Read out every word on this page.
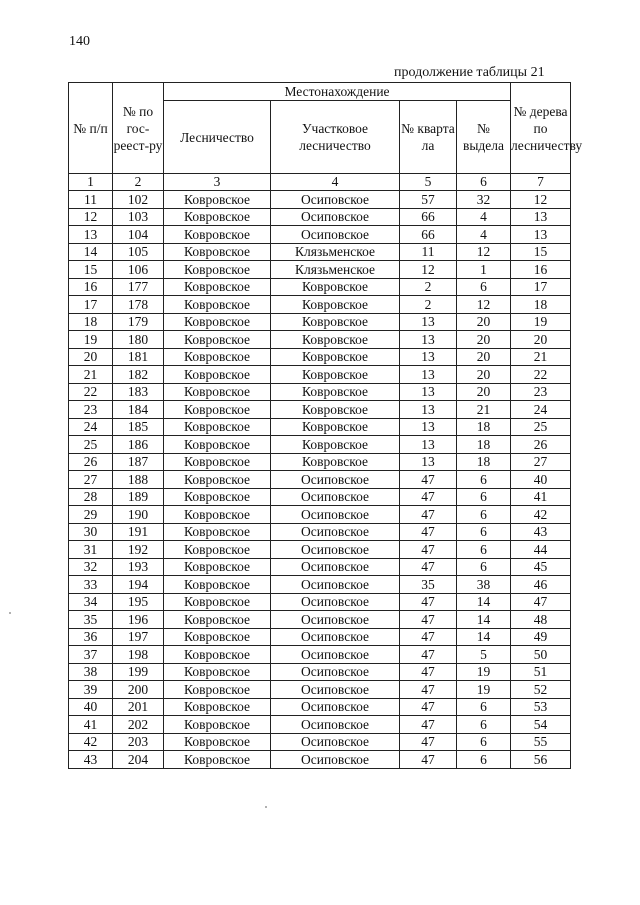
140
продолжение таблицы 21
№ п/п	№ по гос-реест-ру	Местонахождение				№ дерева по лесничеству
		Лесничество	Участковое лесничество	№ кварта ла	№ выдела	
1	2	3	4	5	6	7
11	102	Ковровское	Осиповское	57	32	12
12	103	Ковровское	Осиповское	66	4	13
13	104	Ковровское	Осиповское	66	4	13
14	105	Ковровское	Клязьменское	11	12	15
15	106	Ковровское	Клязьменское	12	1	16
16	177	Ковровское	Ковровское	2	6	17
17	178	Ковровское	Ковровское	2	12	18
18	179	Ковровское	Ковровское	13	20	19
19	180	Ковровское	Ковровское	13	20	20
20	181	Ковровское	Ковровское	13	20	21
21	182	Ковровское	Ковровское	13	20	22
22	183	Ковровское	Ковровское	13	20	23
23	184	Ковровское	Ковровское	13	21	24
24	185	Ковровское	Ковровское	13	18	25
25	186	Ковровское	Ковровское	13	18	26
26	187	Ковровское	Ковровское	13	18	27
27	188	Ковровское	Осиповское	47	6	40
28	189	Ковровское	Осиповское	47	6	41
29	190	Ковровское	Осиповское	47	6	42
30	191	Ковровское	Осиповское	47	6	43
31	192	Ковровское	Осиповское	47	6	44
32	193	Ковровское	Осиповское	47	6	45
33	194	Ковровское	Осиповское	35	38	46
34	195	Ковровское	Осиповское	47	14	47
35	196	Ковровское	Осиповское	47	14	48
36	197	Ковровское	Осиповское	47	14	49
37	198	Ковровское	Осиповское	47	5	50
38	199	Ковровское	Осиповское	47	19	51
39	200	Ковровское	Осиповское	47	19	52
40	201	Ковровское	Осиповское	47	6	53
41	202	Ковровское	Осиповское	47	6	54
42	203	Ковровское	Осиповское	47	6	55
43	204	Ковровское	Осиповское	47	6	56
